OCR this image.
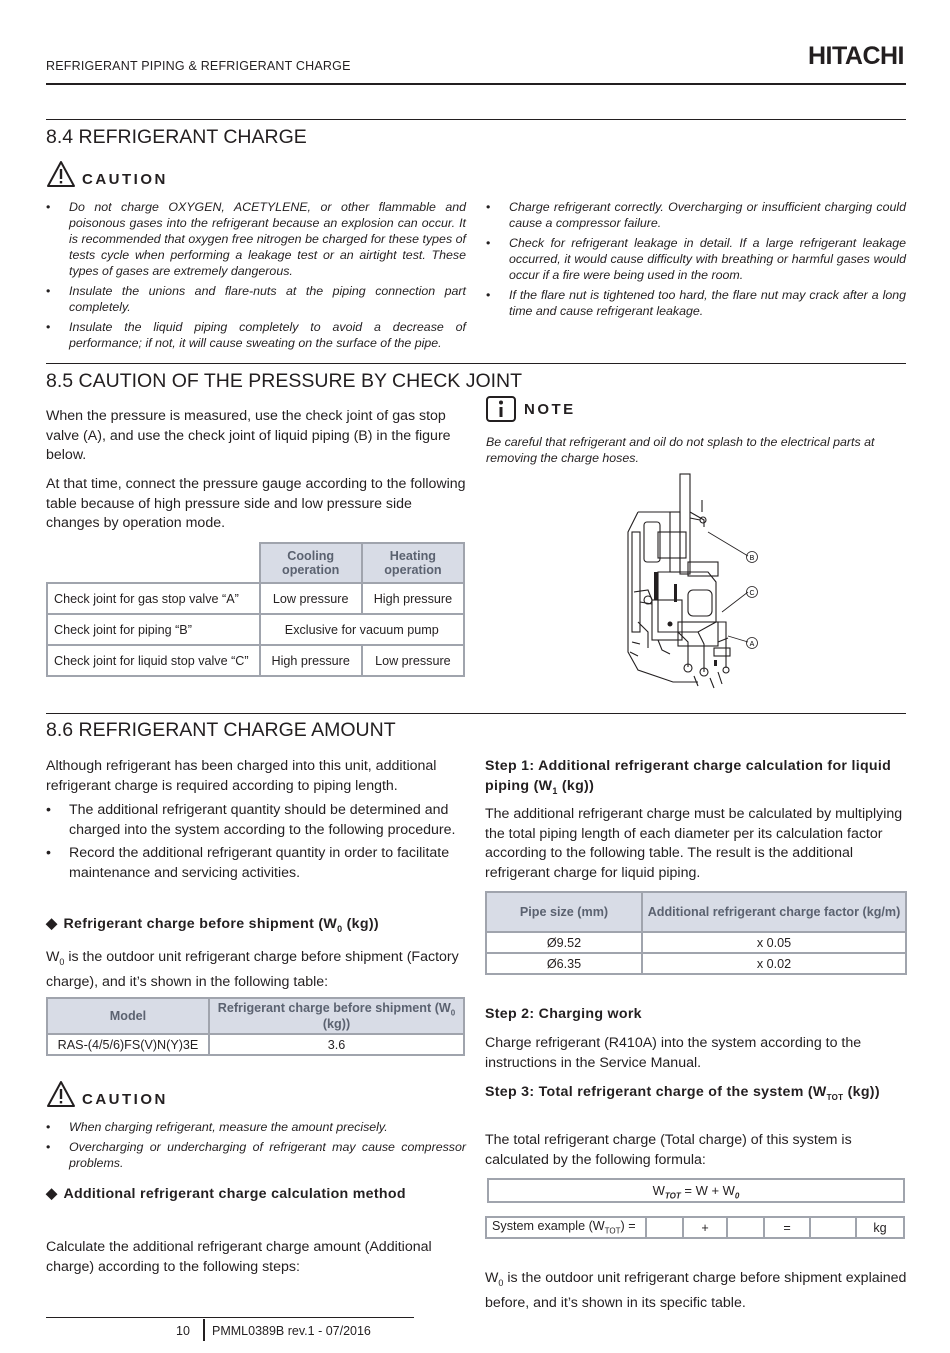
REFRIGERANT PIPING & REFRIGERANT CHARGE	HITACHI
8.4 REFRIGERANT CHARGE
CAUTION
• Do not charge OXYGEN, ACETYLENE, or other flammable and poisonous gases into the refrigerant because an explosion can occur. It is recommended that oxygen free nitrogen be charged for these types of tests cycle when performing a leakage test or an airtight test. These types of gases are extremely dangerous.
• Insulate the unions and flare-nuts at the piping connection part completely.
• Insulate the liquid piping completely to avoid a decrease of performance; if not, it will cause sweating on the surface of the pipe.
• Charge refrigerant correctly. Overcharging or insufficient charging could cause a compressor failure.
• Check for refrigerant leakage in detail. If a large refrigerant leakage occurred, it would cause difficulty with breathing or harmful gases would occur if a fire were being used in the room.
• If the flare nut is tightened too hard, the flare nut may crack after a long time and cause refrigerant leakage.
8.5 CAUTION OF THE PRESSURE BY CHECK JOINT

When the pressure is measured, use the check joint of gas stop valve (A), and use the check joint of liquid piping (B) in the figure below.

At that time, connect the pressure gauge according to the following table because of high pressure side and low pressure side changes by operation mode.

	Cooling operation	Heating operation
Check joint for gas stop valve “A”	Low pressure	High pressure
Check joint for piping “B”	Exclusive for vacuum pump	
Check joint for liquid stop valve “C”	High pressure	Low pressure
NOTE
Be careful that refrigerant and oil do not splash to the electrical parts at removing the charge hoses.
B
C
A
8.6 REFRIGERANT CHARGE AMOUNT

Although refrigerant has been charged into this unit, additional refrigerant charge is required according to piping length.

• The additional refrigerant quantity should be determined and charged into the system according to the following procedure.
• Record the additional refrigerant quantity in order to facilitate maintenance and servicing activities.
◆ Refrigerant charge before shipment ($W_0$ (kg))

$W_0$ is the outdoor unit refrigerant charge before shipment (Factory charge), and it’s shown in the following table:

Model	Refrigerant charge before shipment ($W_0$ (kg))
RAS-(4/5/6)FS(V)N(Y)3E	3.6
CAUTION
• When charging refrigerant, measure the amount precisely.
• Overcharging or undercharging of refrigerant may cause compressor problems.
◆ Additional refrigerant charge calculation method

Calculate the additional refrigerant charge amount (Additional charge) according to the following steps:

Step 1: Additional refrigerant charge calculation for liquid piping ($W_1$ (kg))

The additional refrigerant charge must be calculated by multiplying the total piping length of each diameter per its calculation factor according to the following table. The result is the additional refrigerant charge for liquid piping.

Pipe size (mm)	Additional refrigerant charge factor (kg/m)
Ø9.52	x 0.05
Ø6.35	x 0.02
Step 2: Charging work

Charge refrigerant (R410A) into the system according to the instructions in the Service Manual.

Step 3: Total refrigerant charge of the system ($W_{TOT}$ (kg))

The total refrigerant charge (Total charge) of this system is calculated by the following formula:

$W_{TOT} = W + W_0$
System example $(W_{TOT})$ =		+		=		kg

$W_0$ is the outdoor unit refrigerant charge before shipment explained before, and it’s shown in its specific table.

10 PMML0389B rev.1 - 07/2016
